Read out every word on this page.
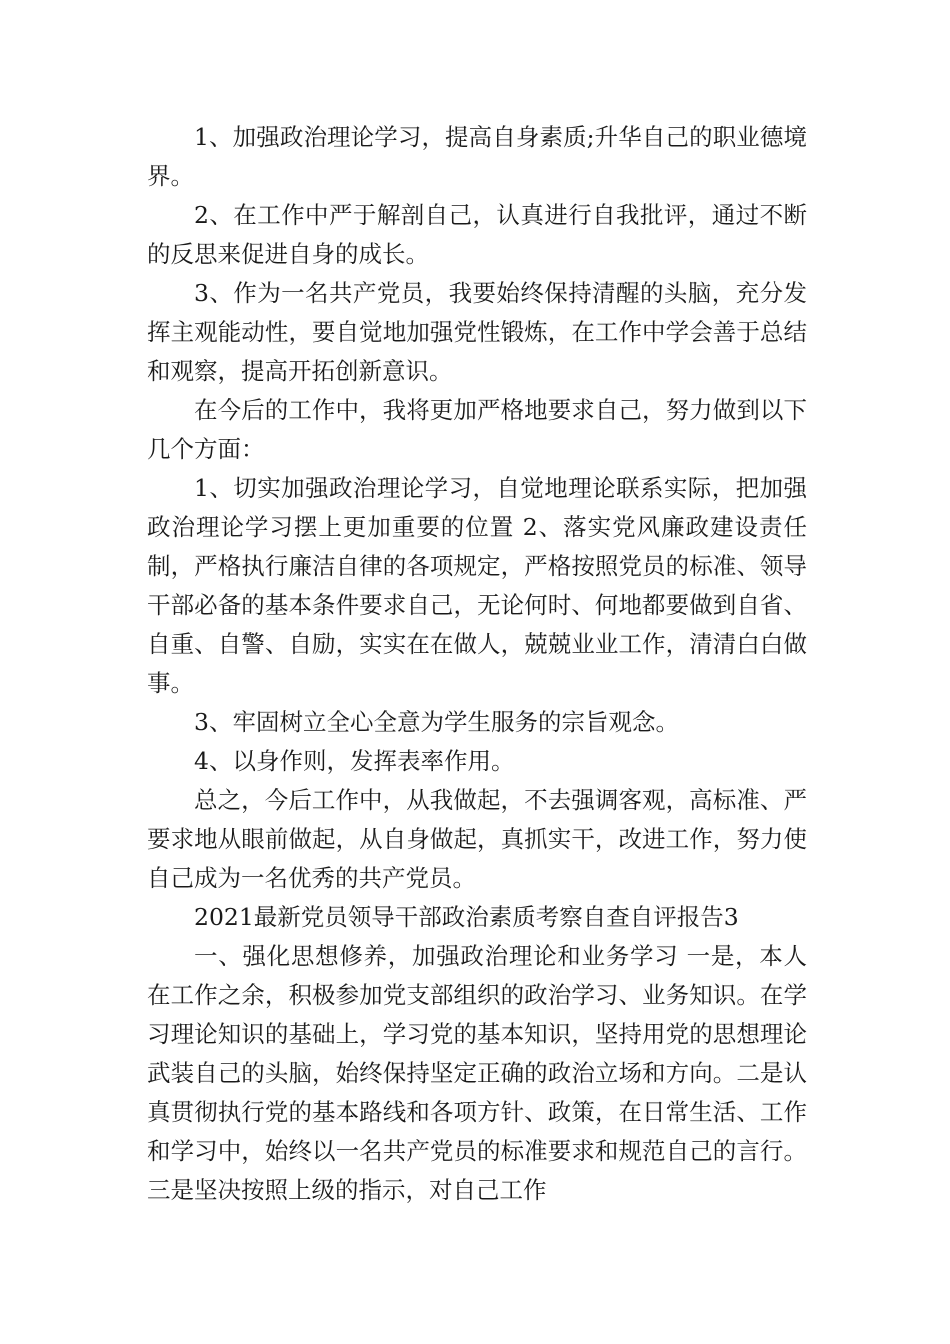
1、加强政治理论学习，提高自身素质;升华自己的职业德境界。

2、在工作中严于解剖自己，认真进行自我批评，通过不断的反思来促进自身的成长。

3、作为一名共产党员，我要始终保持清醒的头脑，充分发挥主观能动性，要自觉地加强党性锻炼，在工作中学会善于总结和观察，提高开拓创新意识。

在今后的工作中，我将更加严格地要求自己，努力做到以下几个方面：

1、切实加强政治理论学习，自觉地理论联系实际，把加强政治理论学习摆上更加重要的位置 2、落实党风廉政建设责任制，严格执行廉洁自律的各项规定，严格按照党员的标准、领导干部必备的基本条件要求自己，无论何时、何地都要做到自省、自重、自警、自励，实实在在做人，兢兢业业工作，清清白白做事。

3、牢固树立全心全意为学生服务的宗旨观念。

4、以身作则，发挥表率作用。

总之，今后工作中，从我做起，不去强调客观，高标准、严要求地从眼前做起，从自身做起，真抓实干，改进工作，努力使自己成为一名优秀的共产党员。

2021最新党员领导干部政治素质考察自查自评报告3

一、强化思想修养，加强政治理论和业务学习 一是，本人在工作之余，积极参加党支部组织的政治学习、业务知识。在学习理论知识的基础上，学习党的基本知识，坚持用党的思想理论武装自己的头脑，始终保持坚定正确的政治立场和方向。二是认真贯彻执行党的基本路线和各项方针、政策，在日常生活、工作和学习中，始终以一名共产党员的标准要求和规范自己的言行。三是坚决按照上级的指示，对自己工作
